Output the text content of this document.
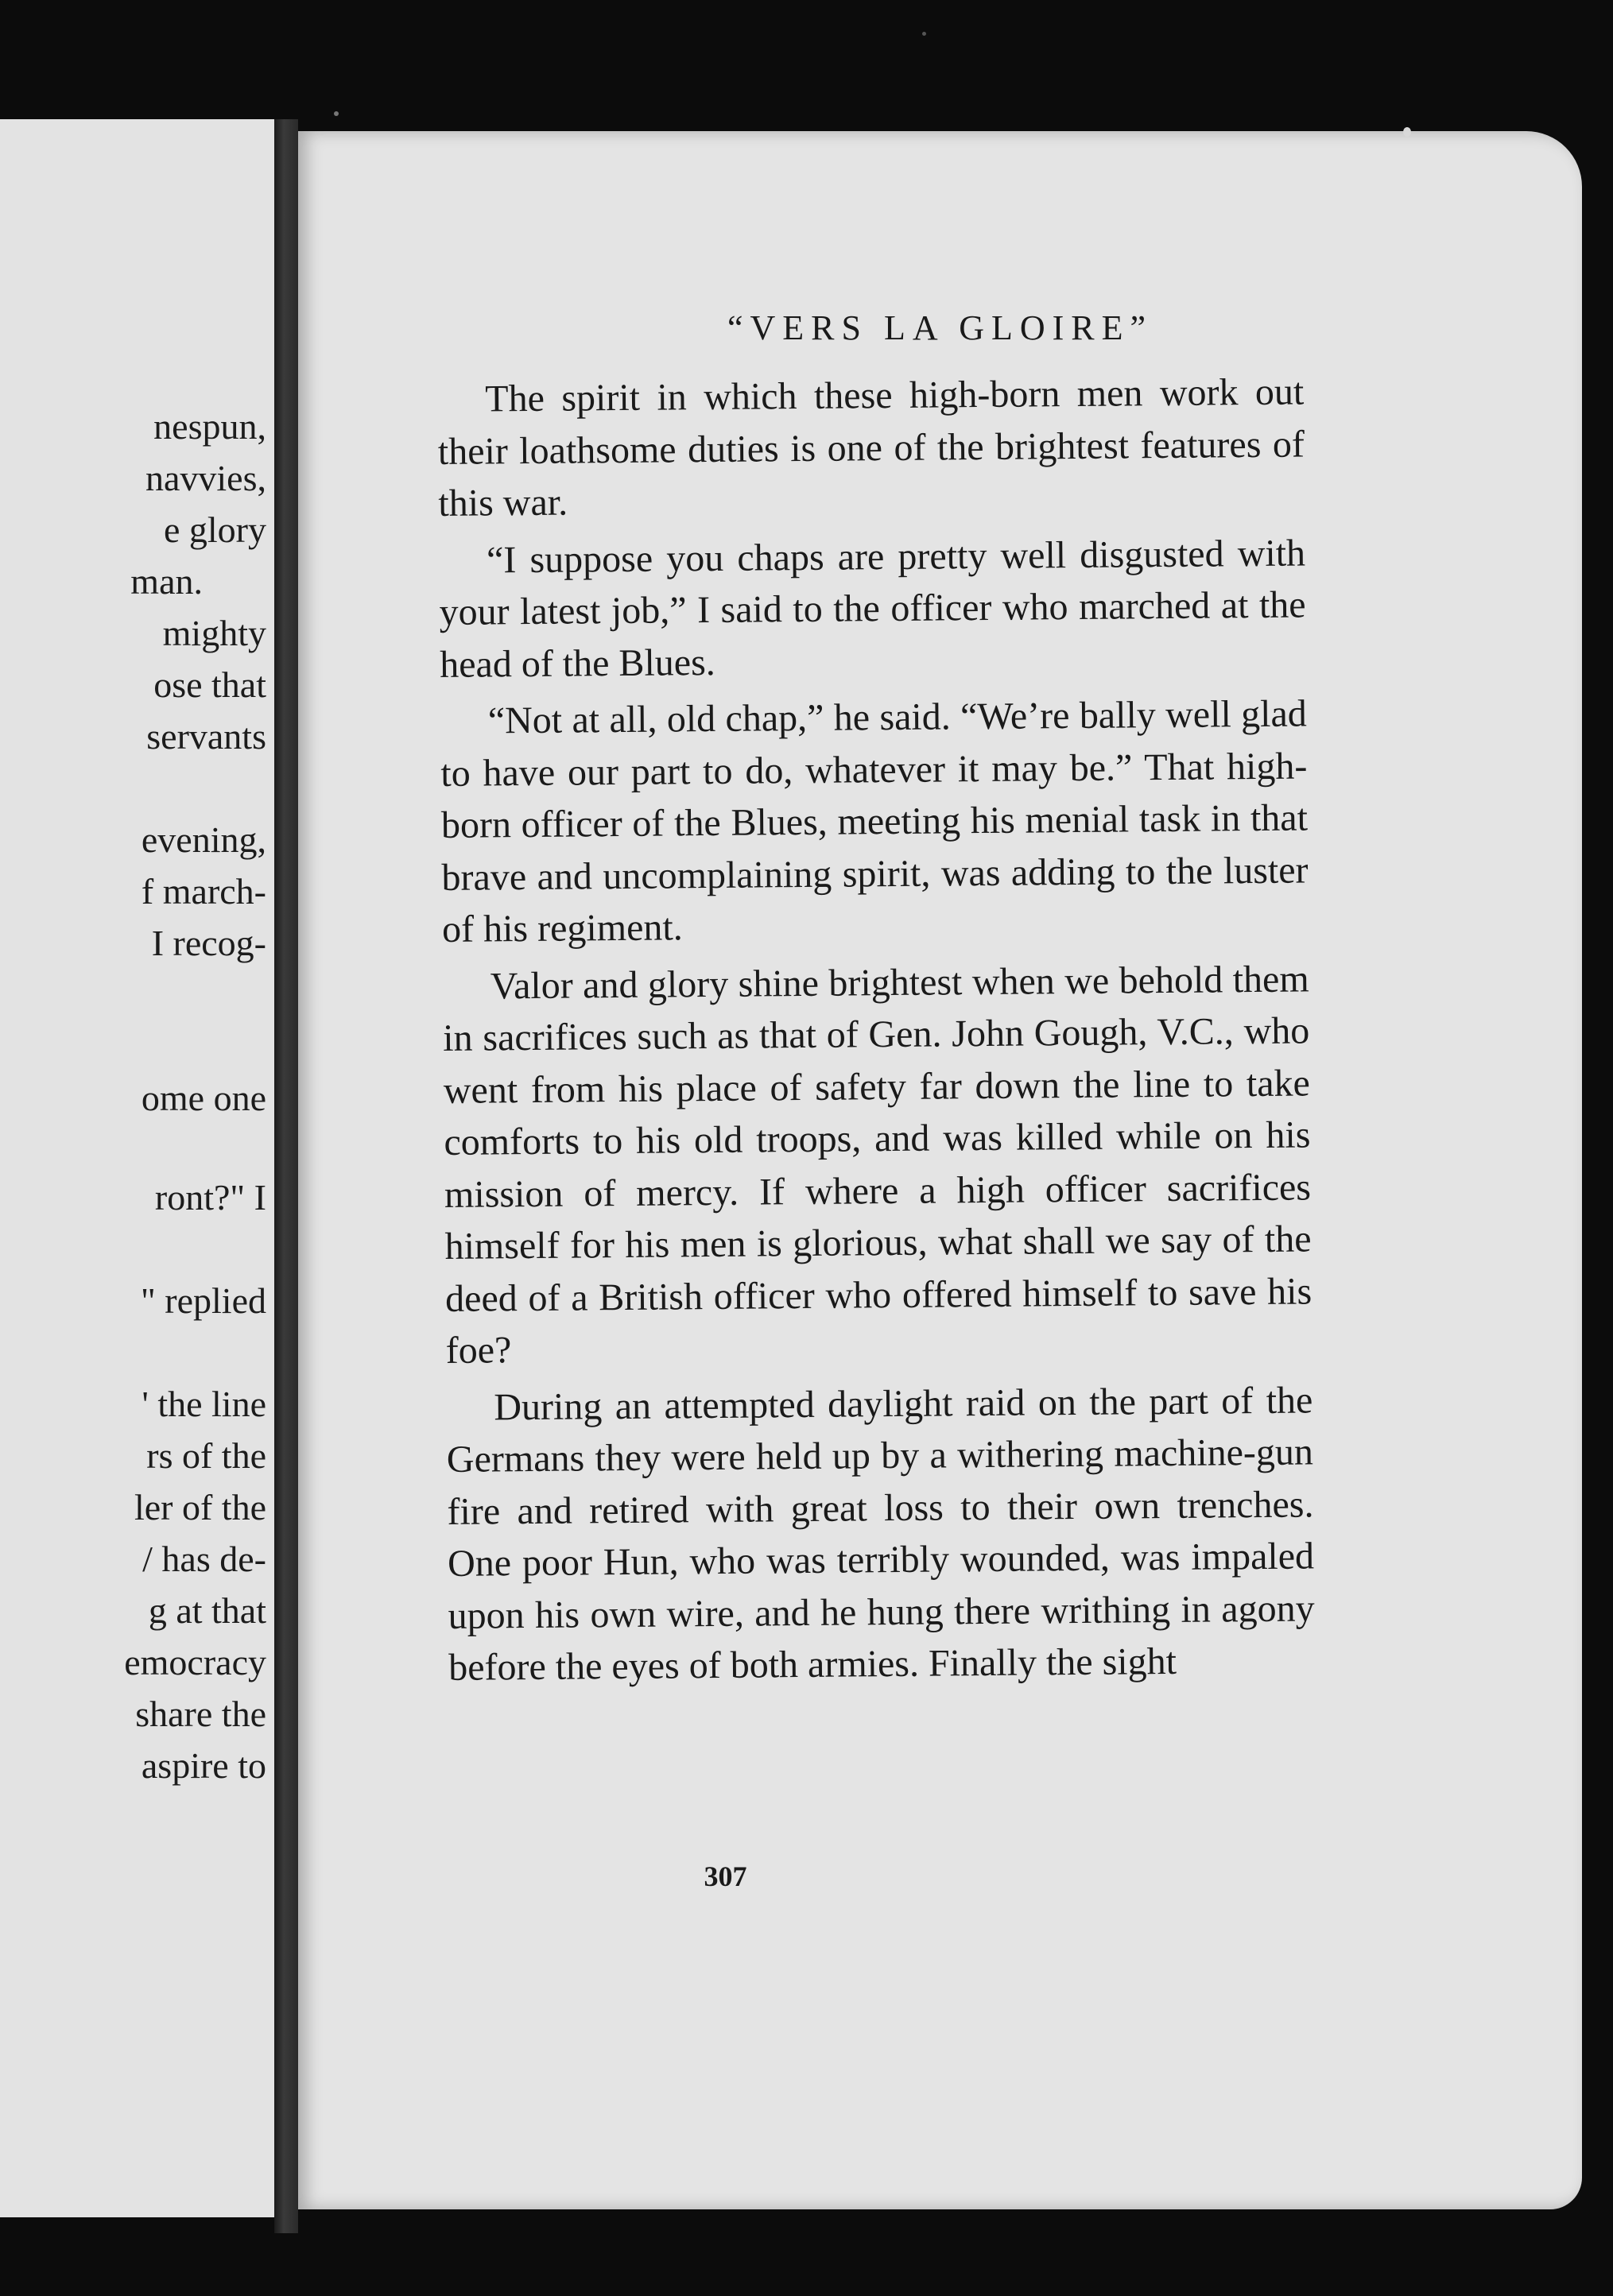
nespun,
navvies,
e glory
man.
mighty
ose that
servants
evening,
f march-
I recog-
ome one
ront?" I
" replied
' the line
rs of the
ler of the
/ has de-
g at that
emocracy
share the
aspire to
“VERS LA GLOIRE”

The spirit in which these high-born men work out their loathsome duties is one of the brightest features of this war.

“I suppose you chaps are pretty well disgusted with your latest job,” I said to the officer who marched at the head of the Blues.

“Not at all, old chap,” he said. “We’re bally well glad to have our part to do, whatever it may be.” That high-born officer of the Blues, meeting his menial task in that brave and uncomplaining spirit, was adding to the luster of his regiment.

Valor and glory shine brightest when we behold them in sacrifices such as that of Gen. John Gough, V.C., who went from his place of safety far down the line to take comforts to his old troops, and was killed while on his mission of mercy. If where a high officer sacrifices himself for his men is glorious, what shall we say of the deed of a British officer who offered himself to save his foe?

During an attempted daylight raid on the part of the Germans they were held up by a withering machine-gun fire and retired with great loss to their own trenches. One poor Hun, who was terribly wounded, was impaled upon his own wire, and he hung there writhing in agony before the eyes of both armies. Finally the sight

307
